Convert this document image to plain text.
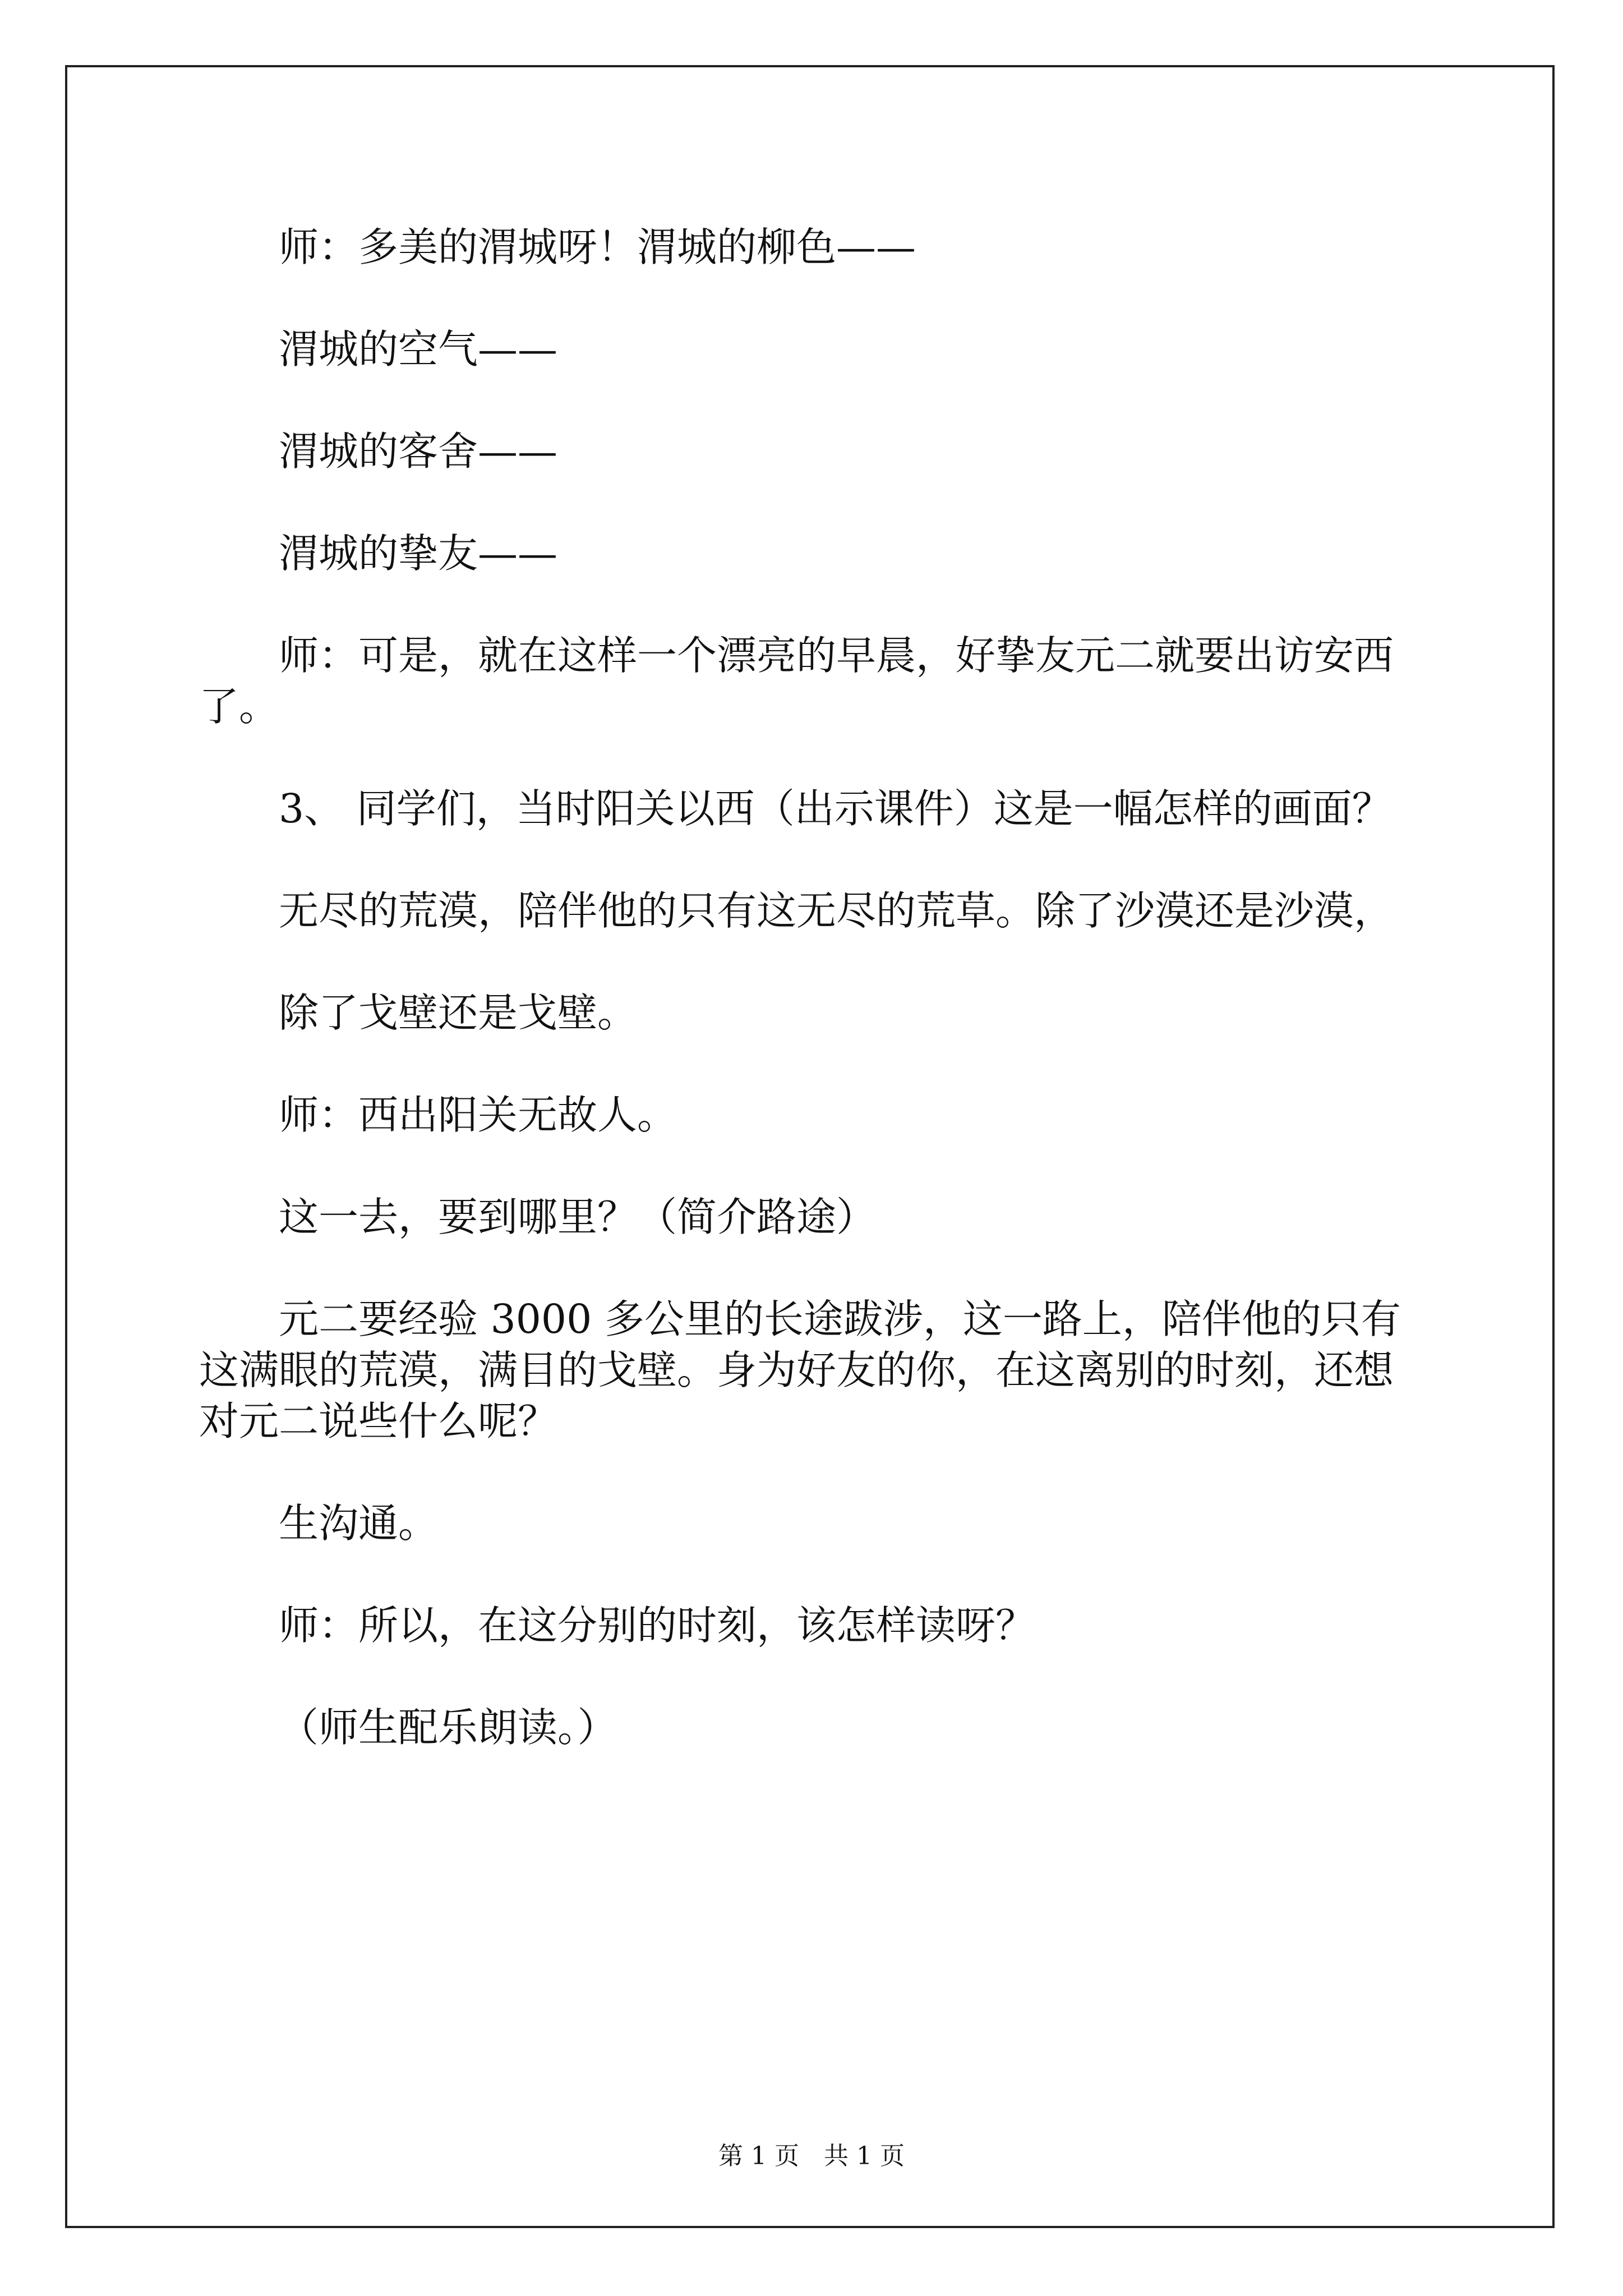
师：多美的渭城呀！渭城的柳色——

渭城的空气——

渭城的客舍——

渭城的挚友——

师：可是，就在这样一个漂亮的早晨，好挚友元二就要出访安西了。

3、 同学们，当时阳关以西（出示课件）这是一幅怎样的画面？

无尽的荒漠，陪伴他的只有这无尽的荒草。除了沙漠还是沙漠，

除了戈壁还是戈壁。

师：西出阳关无故人。

这一去，要到哪里？（简介路途）

元二要经验 3000 多公里的长途跋涉，这一路上，陪伴他的只有这满眼的荒漠，满目的戈壁。身为好友的你，在这离别的时刻，还想对元二说些什么呢？

生沟通。

师：所以，在这分别的时刻，该怎样读呀？

（师生配乐朗读。）

第 1 页　共 1 页
